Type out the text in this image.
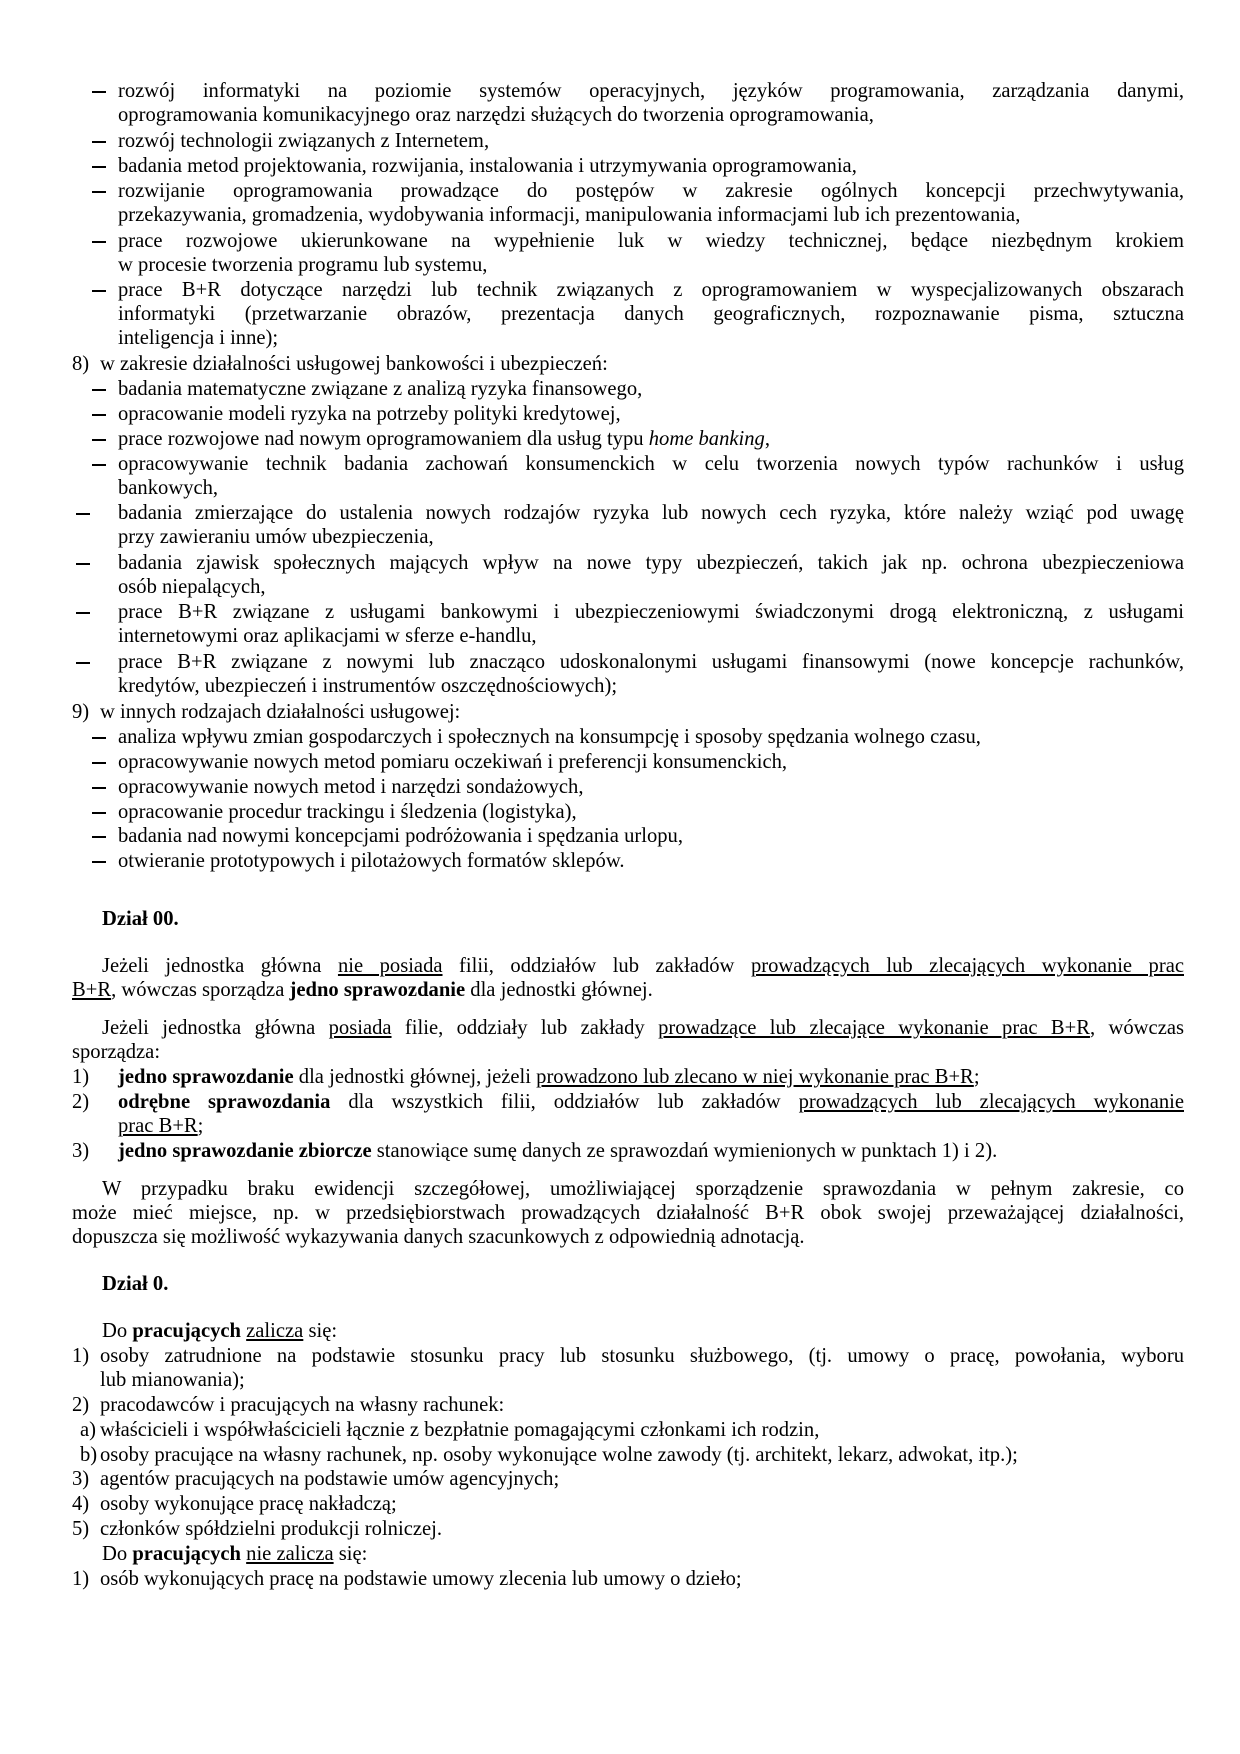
rozwój informatyki na poziomie systemów operacyjnych, języków programowania, zarządzania danymi,
oprogramowania komunikacyjnego oraz narzędzi służących do tworzenia oprogramowania,
rozwój technologii związanych z Internetem,
badania metod projektowania, rozwijania, instalowania i utrzymywania oprogramowania,
rozwijanie oprogramowania prowadzące do postępów w zakresie ogólnych koncepcji przechwytywania,
przekazywania, gromadzenia, wydobywania informacji, manipulowania informacjami lub ich prezentowania,
prace rozwojowe ukierunkowane na wypełnienie luk w wiedzy technicznej, będące niezbędnym krokiem
w procesie tworzenia programu lub systemu,
prace B+R dotyczące narzędzi lub technik związanych z oprogramowaniem w wyspecjalizowanych obszarach
informatyki (przetwarzanie obrazów, prezentacja danych geograficznych, rozpoznawanie pisma, sztuczna
inteligencja i inne);
8) w zakresie działalności usługowej bankowości i ubezpieczeń:
badania matematyczne związane z analizą ryzyka finansowego,
opracowanie modeli ryzyka na potrzeby polityki kredytowej,
prace rozwojowe nad nowym oprogramowaniem dla usług typu home banking,
opracowywanie technik badania zachowań konsumenckich w celu tworzenia nowych typów rachunków i usług
bankowych,
badania zmierzające do ustalenia nowych rodzajów ryzyka lub nowych cech ryzyka, które należy wziąć pod uwagę
przy zawieraniu umów ubezpieczenia,
badania zjawisk społecznych mających wpływ na nowe typy ubezpieczeń, takich jak np. ochrona ubezpieczeniowa
osób niepalących,
prace B+R związane z usługami bankowymi i ubezpieczeniowymi świadczonymi drogą elektroniczną, z usługami
internetowymi oraz aplikacjami w sferze e-handlu,
prace B+R związane z nowymi lub znacząco udoskonalonymi usługami finansowymi (nowe koncepcje rachunków,
kredytów, ubezpieczeń i instrumentów oszczędnościowych);
9) w innych rodzajach działalności usługowej:
analiza wpływu zmian gospodarczych i społecznych na konsumpcję i sposoby spędzania wolnego czasu,
opracowywanie nowych metod pomiaru oczekiwań i preferencji konsumenckich,
opracowywanie nowych metod i narzędzi sondażowych,
opracowanie procedur trackingu i śledzenia (logistyka),
badania nad nowymi koncepcjami podróżowania i spędzania urlopu,
otwieranie prototypowych i pilotażowych formatów sklepów.
Dział 00.
Jeżeli jednostka główna nie posiada filii, oddziałów lub zakładów prowadzących lub zlecających wykonanie prac
B+R, wówczas sporządza jedno sprawozdanie dla jednostki głównej.
Jeżeli jednostka główna posiada filie, oddziały lub zakłady prowadzące lub zlecające wykonanie prac B+R, wówczas
sporządza:
1) jedno sprawozdanie dla jednostki głównej, jeżeli prowadzono lub zlecano w niej wykonanie prac B+R;
2) odrębne sprawozdania dla wszystkich filii, oddziałów lub zakładów prowadzących lub zlecających wykonanie
prac B+R;
3) jedno sprawozdanie zbiorcze stanowiące sumę danych ze sprawozdań wymienionych w punktach 1) i 2).
W przypadku braku ewidencji szczegółowej, umożliwiającej sporządzenie sprawozdania w pełnym zakresie, co
może mieć miejsce, np. w przedsiębiorstwach prowadzących działalność B+R obok swojej przeważającej działalności,
dopuszcza się możliwość wykazywania danych szacunkowych z odpowiednią adnotacją.
Dział 0.
Do pracujących zalicza się:
1) osoby zatrudnione na podstawie stosunku pracy lub stosunku służbowego, (tj. umowy o pracę, powołania, wyboru
lub mianowania);
2) pracodawców i pracujących na własny rachunek:
a) właścicieli i współwłaścicieli łącznie z bezpłatnie pomagającymi członkami ich rodzin,
b) osoby pracujące na własny rachunek, np. osoby wykonujące wolne zawody (tj. architekt, lekarz, adwokat, itp.);
3) agentów pracujących na podstawie umów agencyjnych;
4) osoby wykonujące pracę nakładczą;
5) członków spółdzielni produkcji rolniczej.
Do pracujących nie zalicza się:
1) osób wykonujących pracę na podstawie umowy zlecenia lub umowy o dzieło;
